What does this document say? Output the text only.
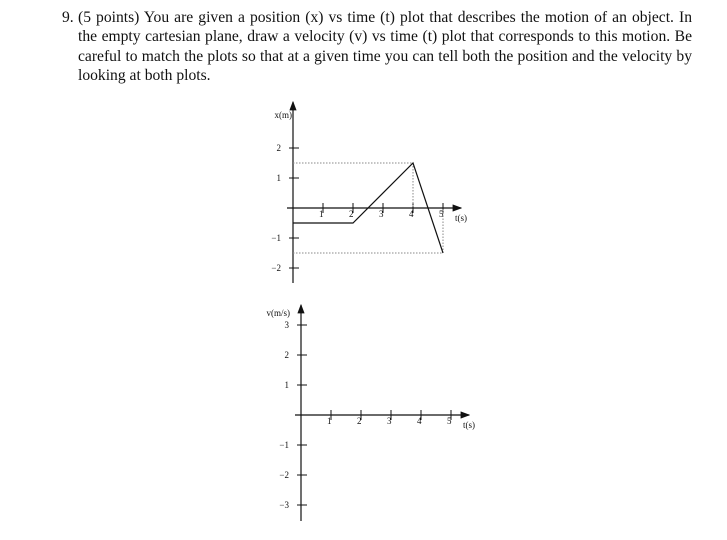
9. (5 points) You are given a position (x) vs time (t) plot that describes the motion of an object. In the empty cartesian plane, draw a velocity (v) vs time (t) plot that corresponds to this motion. Be careful to match the plots so that at a given time you can tell both the position and the velocity by looking at both plots.
1	2	3	4	5
2
1
−1
−2
t(s)
x(m)
1	2	3	4	5
3
2
1
−1
−2
−3
t(s)
v(m/s)
